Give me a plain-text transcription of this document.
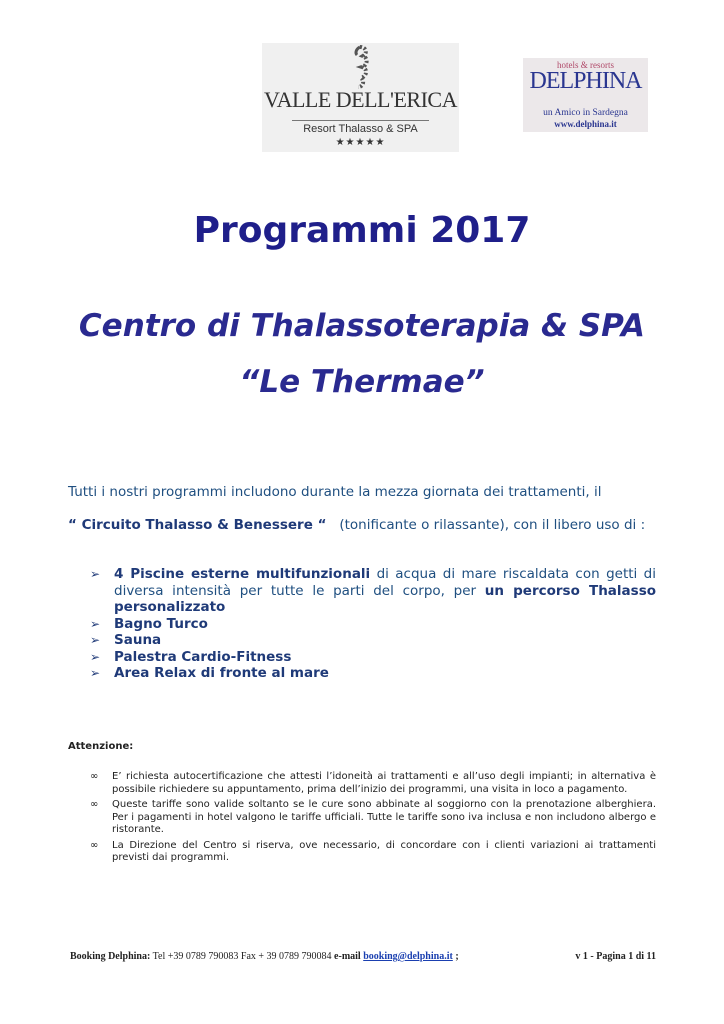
VALLE DELL'ERICA
Resort Thalasso & SPA
★★★★★
hotels & resorts
DELPHINA
un Amico in Sardegna
www.delphina.it
Programmi 2017
Centro di Thalassoterapia & SPA
“Le Thermae”
Tutti i nostri programmi includono durante la mezza giornata dei trattamenti, il
“ Circuito Thalasso & Benessere “ (tonificante o rilassante), con il libero uso di :
➢ 4 Piscine esterne multifunzionali di acqua di mare riscaldata con getti di diversa intensità per tutte le parti del corpo, per un percorso Thalasso personalizzato
➢ Bagno Turco
➢ Sauna
➢ Palestra Cardio-Fitness
➢ Area Relax di fronte al mare
Attenzione:
∞ E’ richiesta autocertificazione che attesti l’idoneità ai trattamenti e all’uso degli impianti; in alternativa è possibile richiedere su appuntamento, prima dell’inizio dei programmi, una visita in loco a pagamento.
∞ Queste tariffe sono valide soltanto se le cure sono abbinate al soggiorno con la prenotazione alberghiera. Per i pagamenti in hotel valgono le tariffe ufficiali. Tutte le tariffe sono iva inclusa e non includono albergo e ristorante.
∞ La Direzione del Centro si riserva, ove necessario, di concordare con i clienti variazioni ai trattamenti previsti dai programmi.
Booking Delphina: Tel +39 0789 790083 Fax + 39 0789 790084 e-mail booking@delphina.it ;	v 1 - Pagina 1 di 11
